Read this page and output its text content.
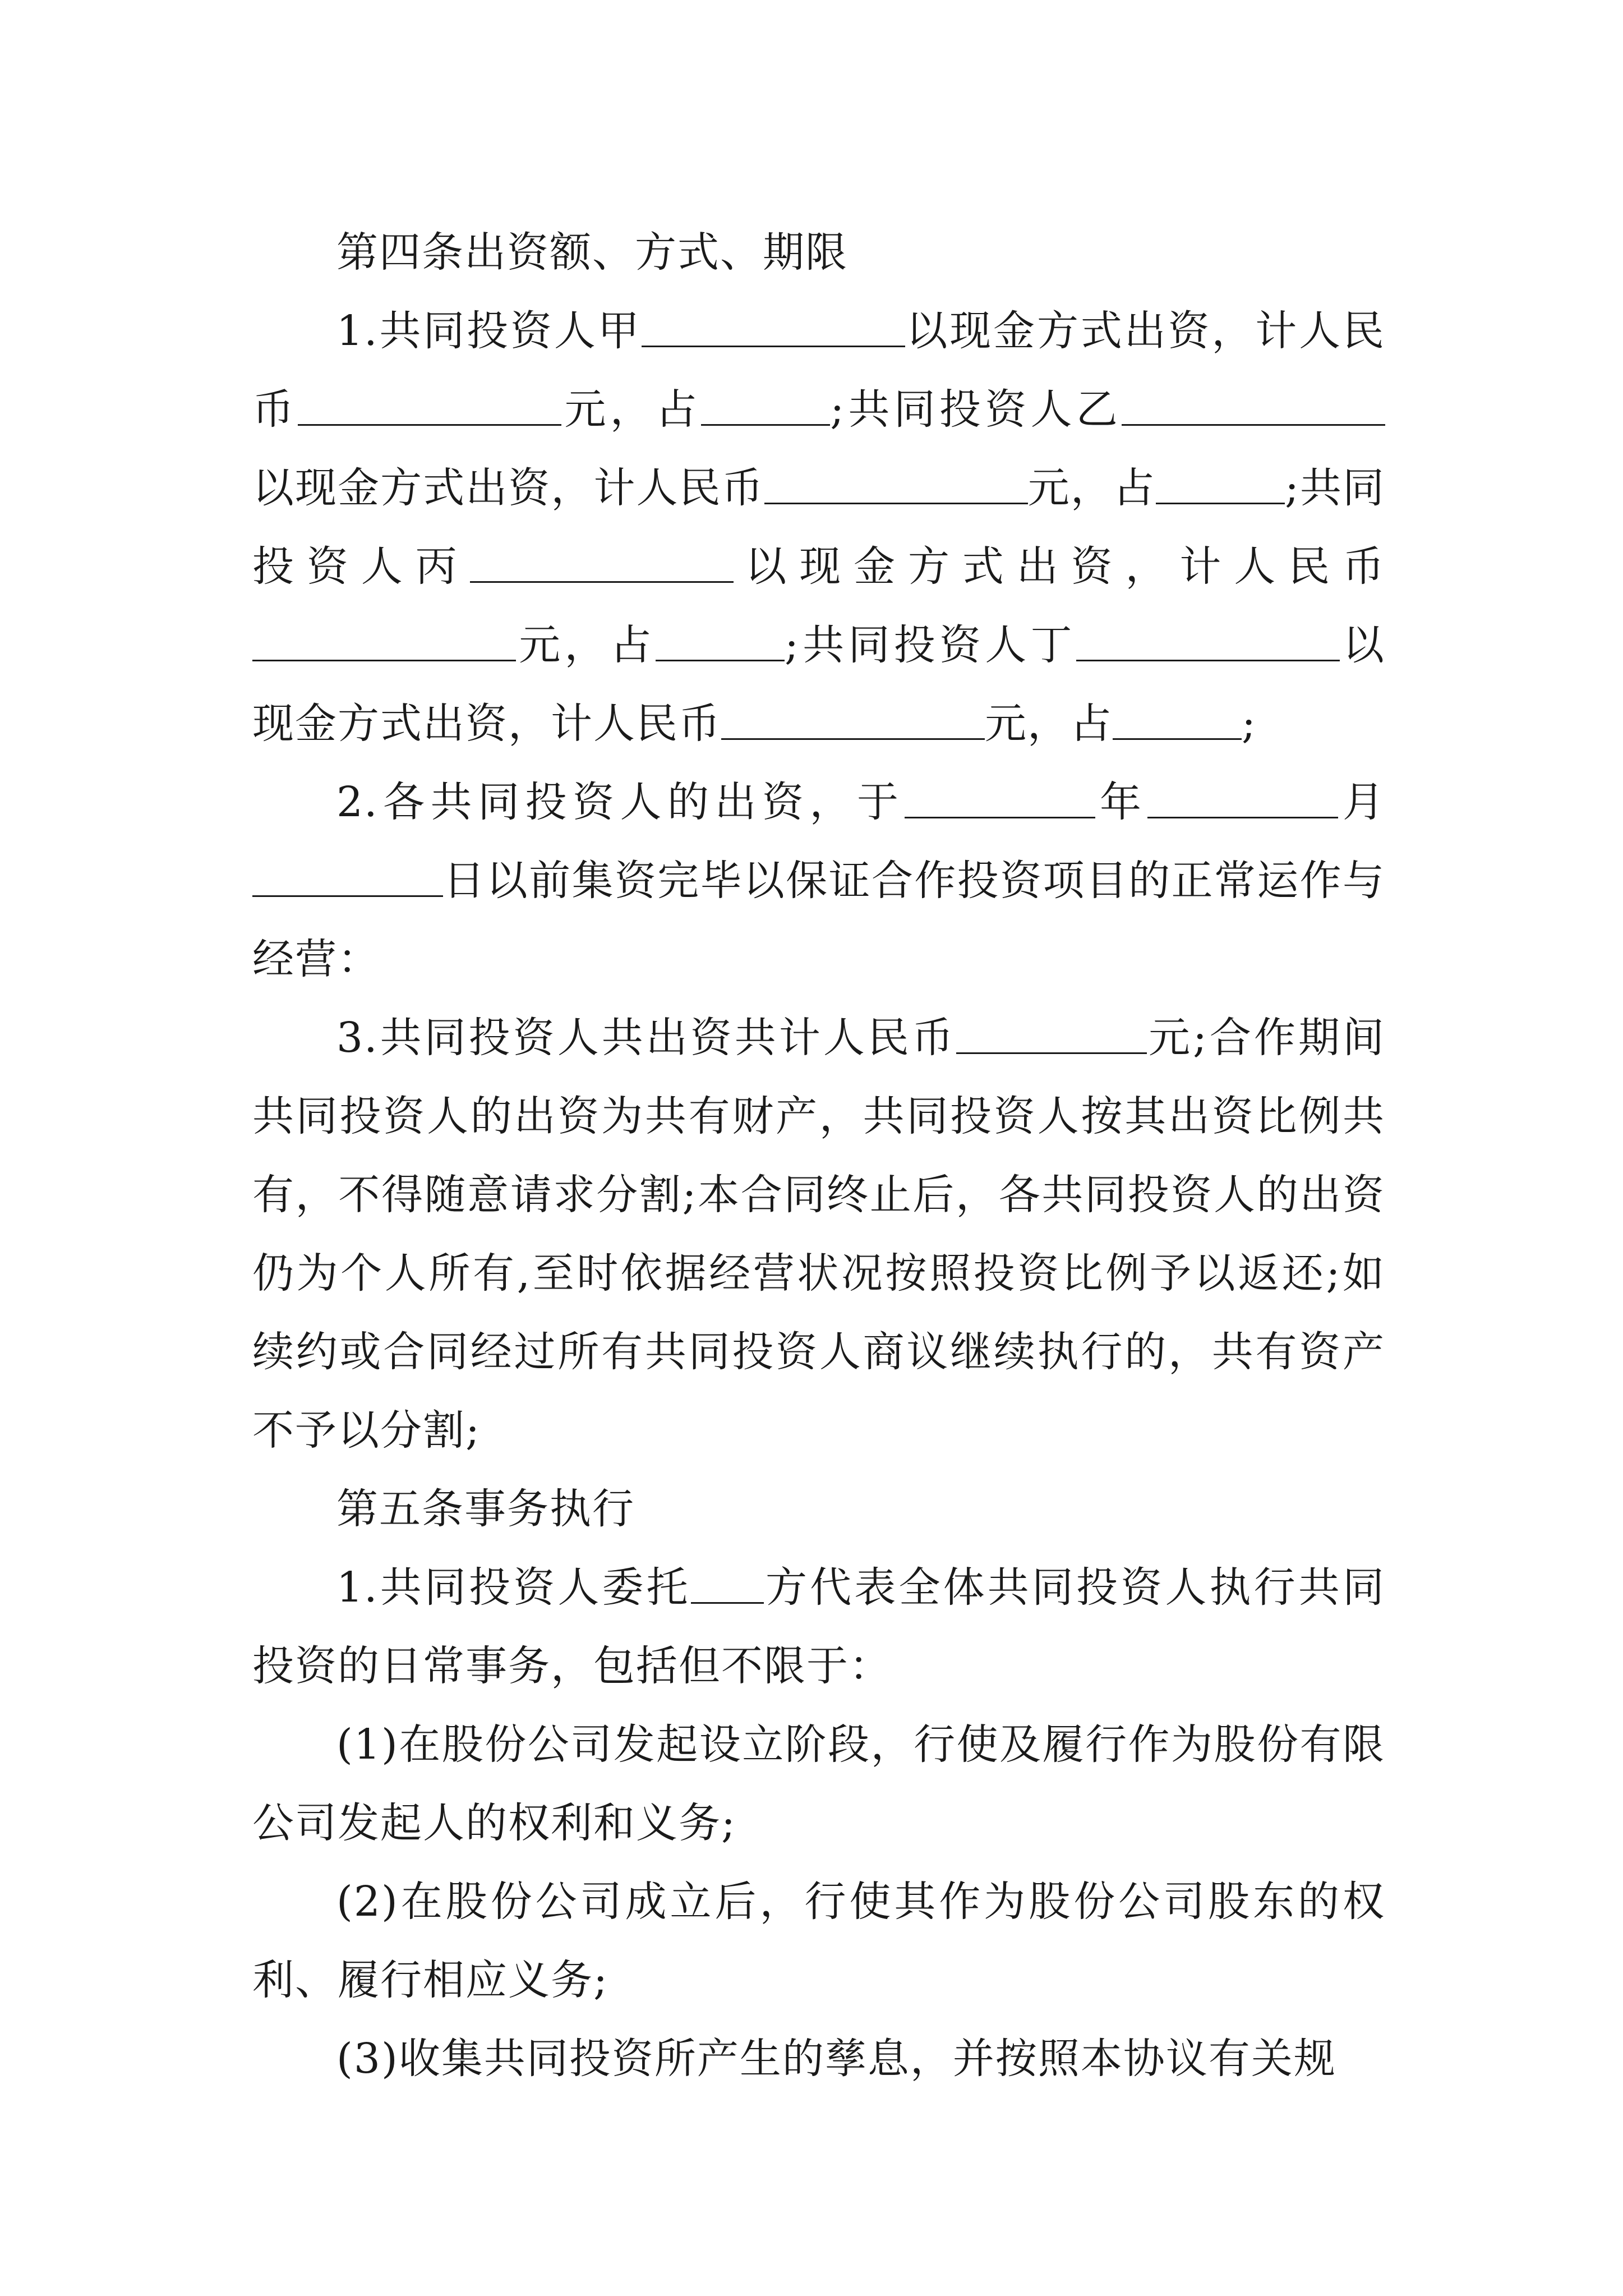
第四条出资额、方式、期限

1.共同投资人甲	以现金方式出资，计人民币	元，占	;共同投资人乙以现金方式出资，计人民币	元，占	;共同投资人丙	以现金方式出资，计人民币元，占	;共同投资人丁	以现金方式出资，计人民币	元，占	;

2.各共同投资人的出资，于	年	月日以前集资完毕以保证合作投资项目的正常运作与经营：

3.共同投资人共出资共计人民币	元;合作期间共同投资人的出资为共有财产，共同投资人按其出资比例共有，不得随意请求分割;本合同终止后，各共同投资人的出资仍为个人所有,至时依据经营状况按照投资比例予以返还;如续约或合同经过所有共同投资人商议继续执行的，共有资产不予以分割;

第五条事务执行

1.共同投资人委托 方代表全体共同投资人执行共同投资的日常事务，包括但不限于：

(1)在股份公司发起设立阶段，行使及履行作为股份有限公司发起人的权利和义务;

(2)在股份公司成立后，行使其作为股份公司股东的权利、履行相应义务;

(3)收集共同投资所产生的孳息，并按照本协议有关规
